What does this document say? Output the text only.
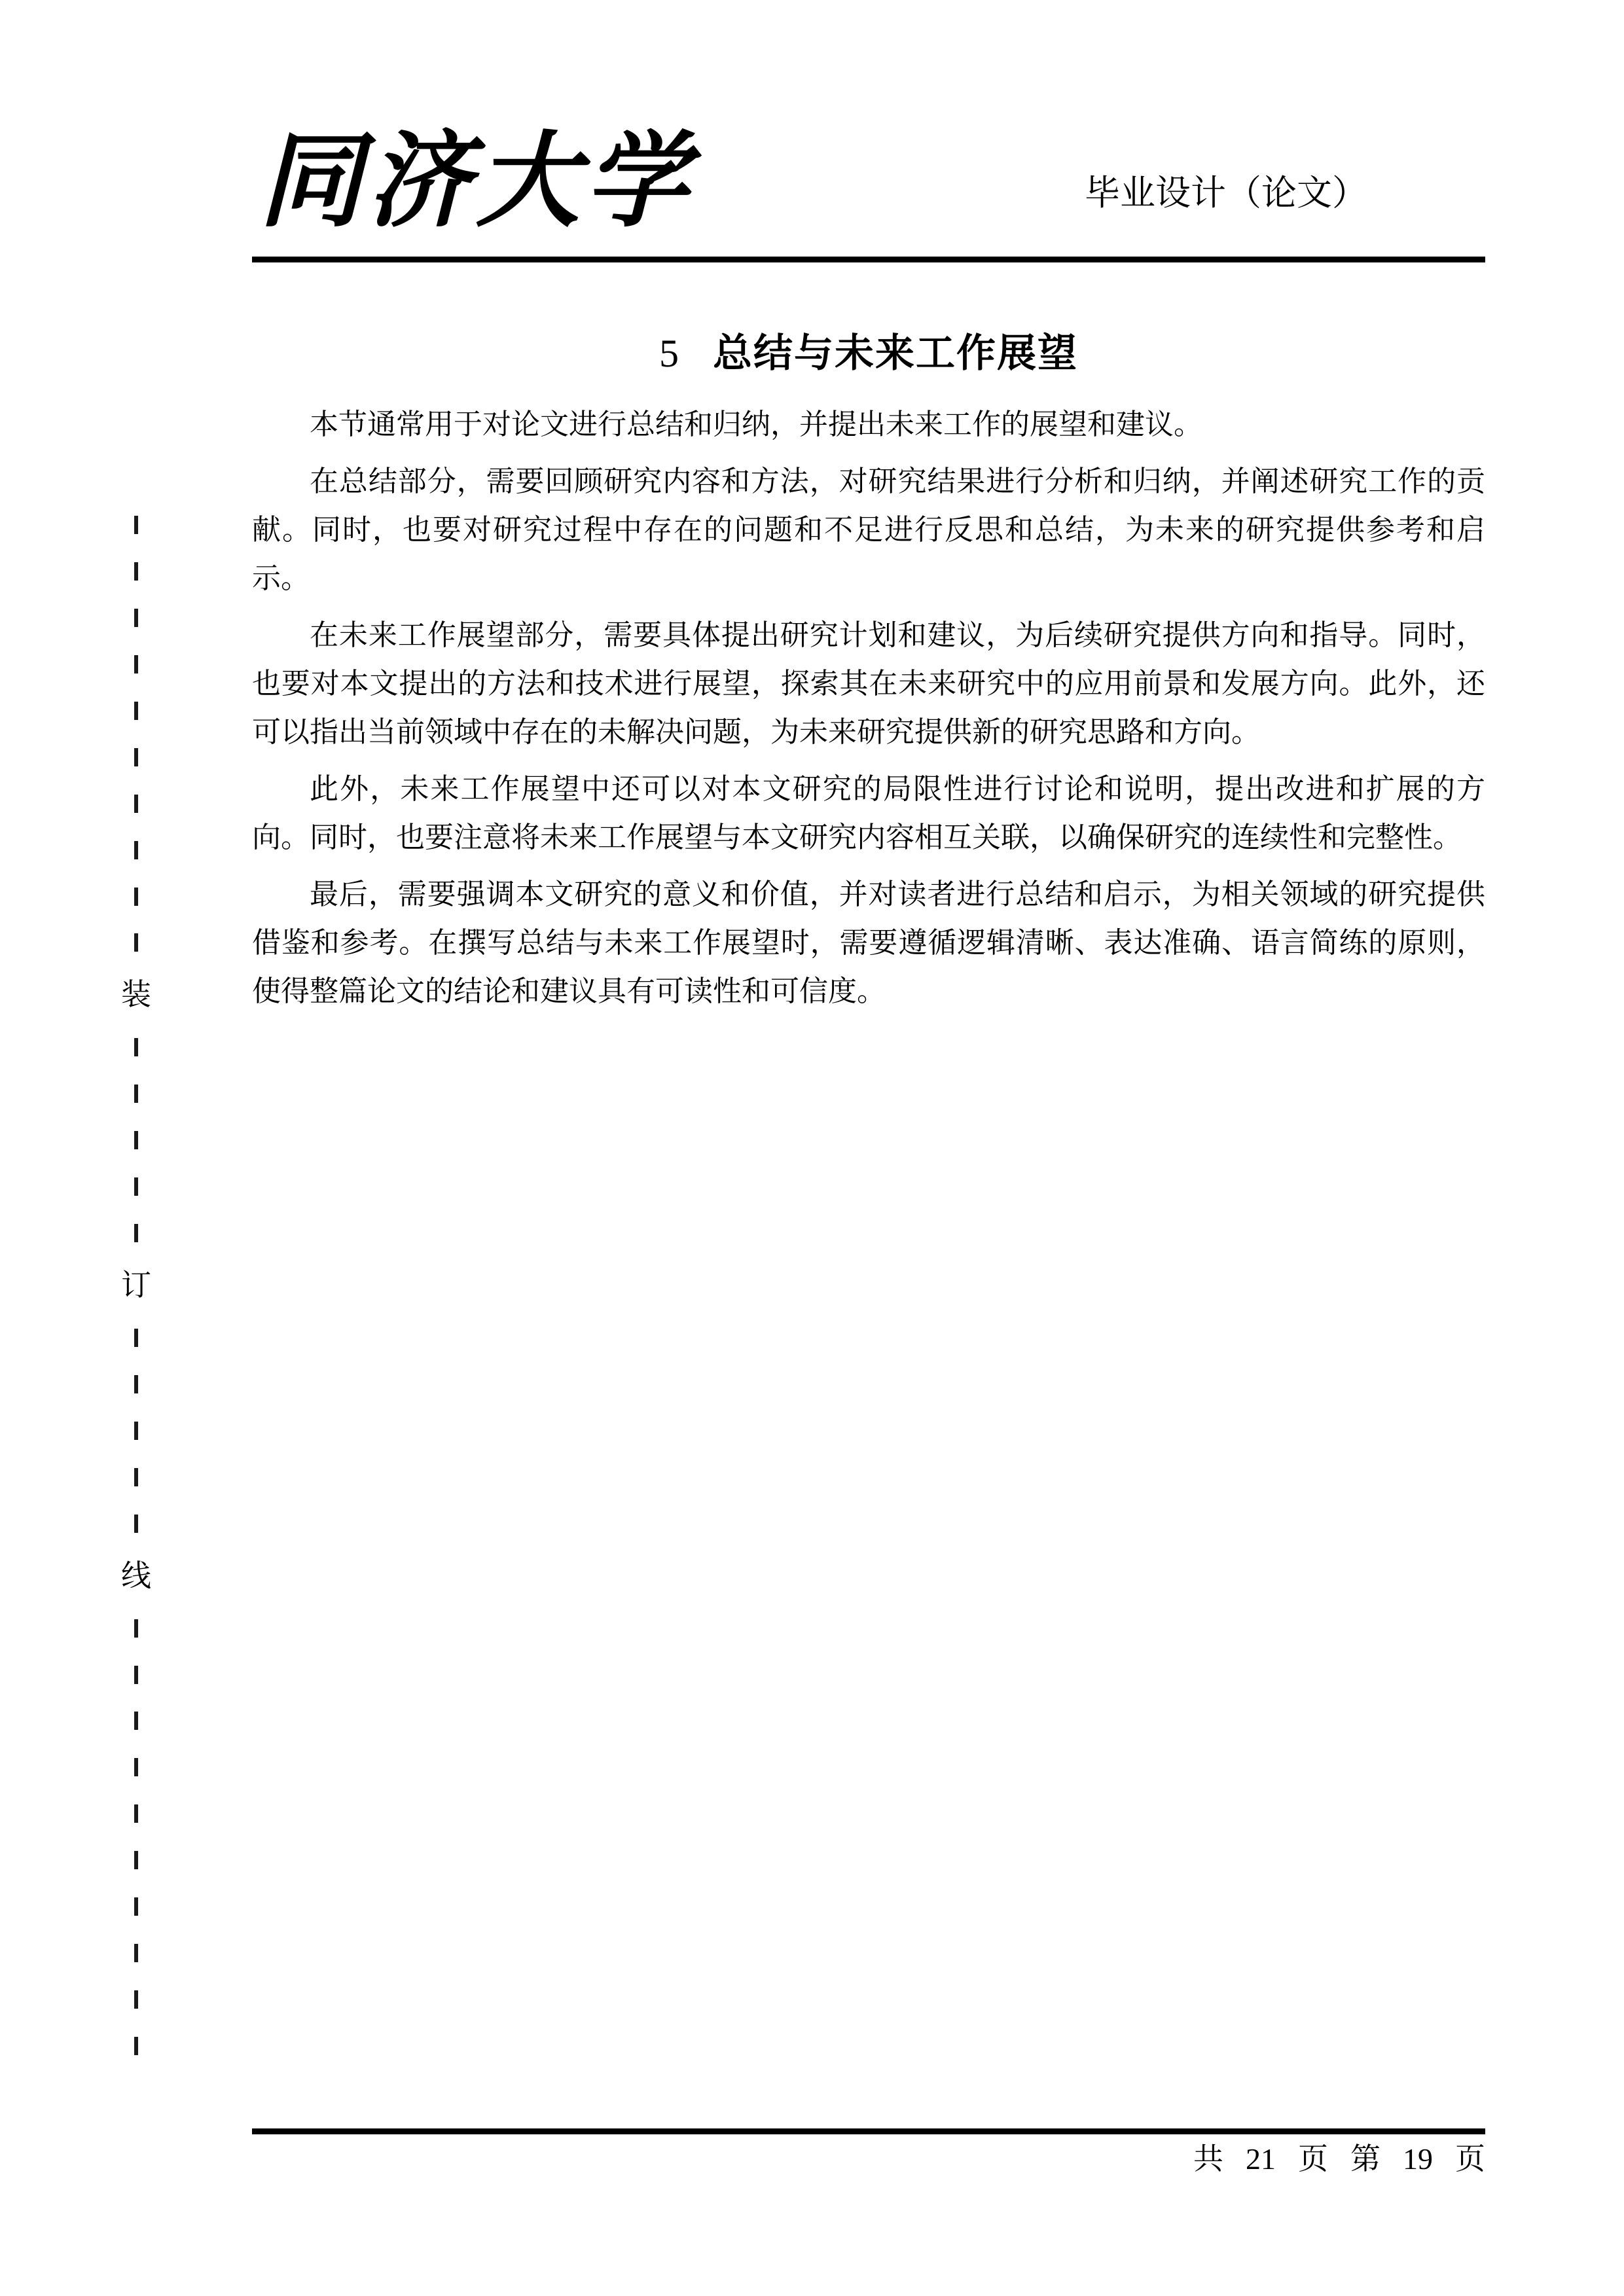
装
订
线
同济大学	毕业设计（论文）
5 总结与未来工作展望

本节通常用于对论文进行总结和归纳，并提出未来工作的展望和建议。

在总结部分，需要回顾研究内容和方法，对研究结果进行分析和归纳，并阐述研究工作的贡献。同时，也要对研究过程中存在的问题和不足进行反思和总结，为未来的研究提供参考和启示。

在未来工作展望部分，需要具体提出研究计划和建议，为后续研究提供方向和指导。同时，也要对本文提出的方法和技术进行展望，探索其在未来研究中的应用前景和发展方向。此外，还可以指出当前领域中存在的未解决问题，为未来研究提供新的研究思路和方向。

此外，未来工作展望中还可以对本文研究的局限性进行讨论和说明，提出改进和扩展的方向。同时，也要注意将未来工作展望与本文研究内容相互关联，以确保研究的连续性和完整性。

最后，需要强调本文研究的意义和价值，并对读者进行总结和启示，为相关领域的研究提供借鉴和参考。在撰写总结与未来工作展望时，需要遵循逻辑清晰、表达准确、语言简练的原则，使得整篇论文的结论和建议具有可读性和可信度。

共 21 页 第 19 页
